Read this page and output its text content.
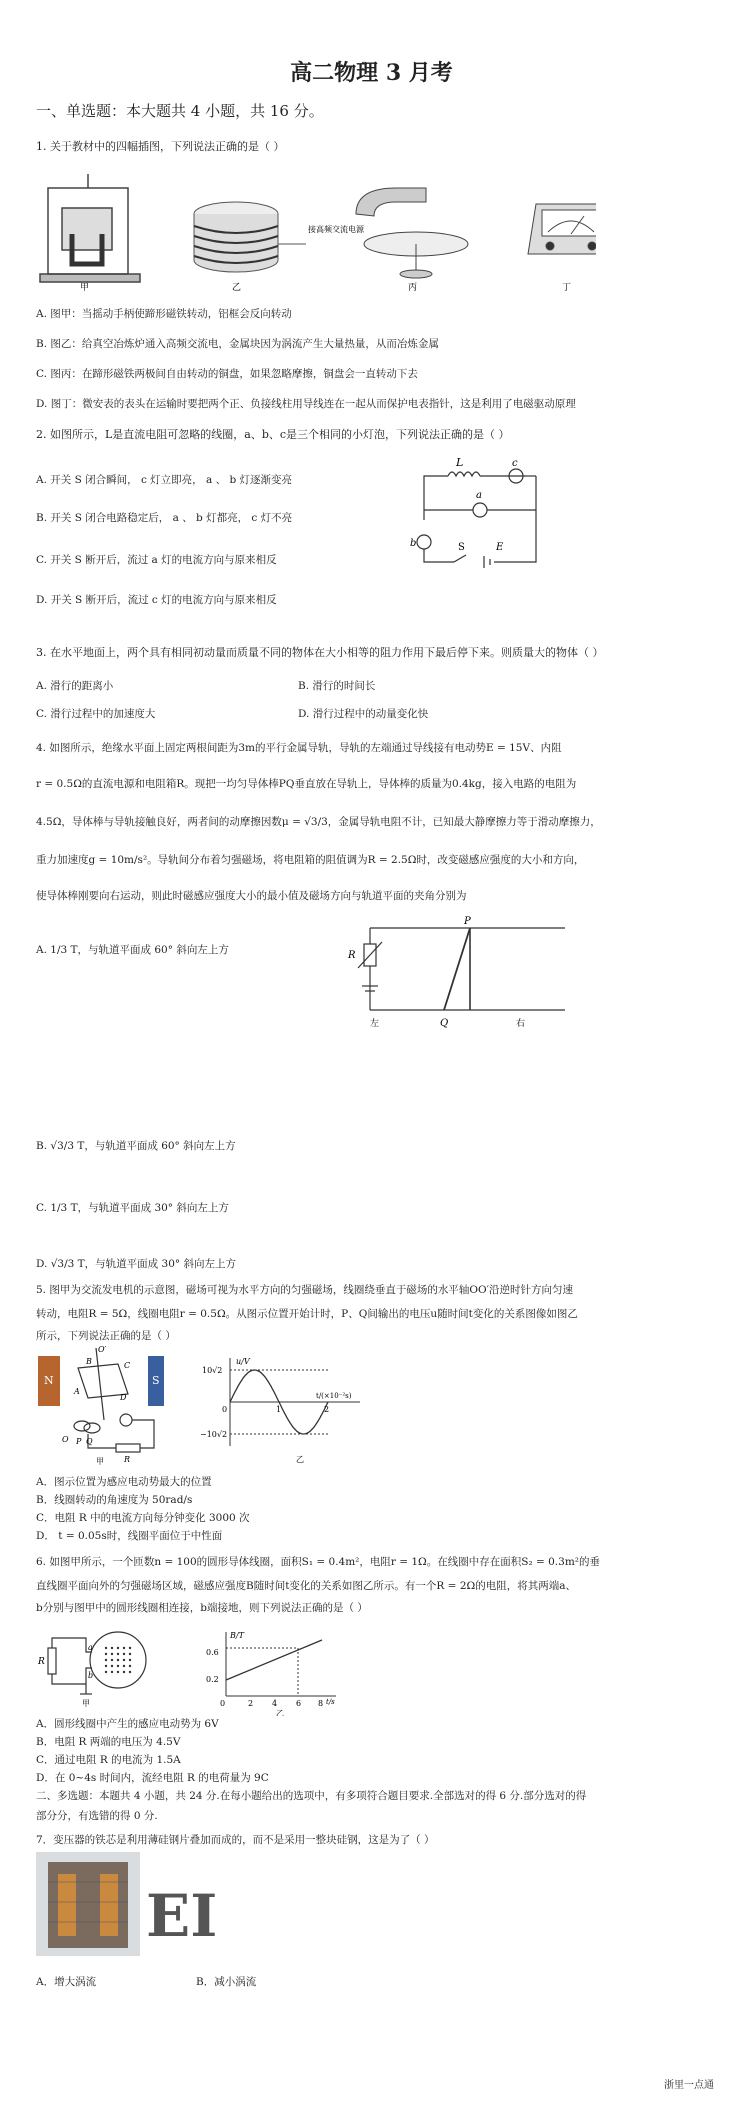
高二物理 3 月考
一、单选题：本大题共 4 小题，共 16 分。
1. 关于教材中的四幅插图，下列说法正确的是（ ）
甲
接高频交流电源
乙	丙	丁
A. 图甲：当摇动手柄使蹄形磁铁转动，铝框会反向转动
B. 图乙：给真空冶炼炉通入高频交流电，金属块因为涡流产生大量热量，从而冶炼金属
C. 图丙：在蹄形磁铁两极间自由转动的铜盘，如果忽略摩擦，铜盘会一直转动下去
D. 图丁：微安表的表头在运输时要把两个正、负接线柱用导线连在一起从而保护电表指针，这是利用了电磁驱动原理
2. 如图所示，L是直流电阻可忽略的线圈，a、b、c是三个相同的小灯泡，下列说法正确的是（ ）
A. 开关 S 闭合瞬间， c 灯立即亮， a 、 b 灯逐渐变亮
B. 开关 S 闭合电路稳定后， a 、 b 灯都亮， c 灯不亮
C. 开关 S 断开后，流过 a 灯的电流方向与原来相反
D. 开关 S 断开后，流过 c 灯的电流方向与原来相反
L	c
a
b	S	E
3. 在水平地面上，两个具有相同初动量而质量不同的物体在大小相等的阻力作用下最后停下来。则质量大的物体（ ）
A. 滑行的距离小	B. 滑行的时间长
C. 滑行过程中的加速度大	D. 滑行过程中的动量变化快
4. 如图所示，绝缘水平面上固定两根间距为3m的平行金属导轨，导轨的左端通过导线接有电动势E = 15V、内阻
r = 0.5Ω的直流电源和电阻箱R。现把一均匀导体棒PQ垂直放在导轨上，导体棒的质量为0.4kg，接入电路的电阻为
4.5Ω，导体棒与导轨接触良好，两者间的动摩擦因数μ = √3/3，金属导轨电阻不计，已知最大静摩擦力等于滑动摩擦力，
重力加速度g = 10m/s²。导轨间分布着匀强磁场，将电阻箱的阻值调为R = 2.5Ω时，改变磁感应强度的大小和方向，
使导体棒刚要向右运动，则此时磁感应强度大小的最小值及磁场方向与轨道平面的夹角分别为
A. 1/3 T，与轨道平面成 60° 斜向左上方
B. √3/3 T，与轨道平面成 60° 斜向左上方
C. 1/3 T，与轨道平面成 30° 斜向左上方
D. √3/3 T，与轨道平面成 30° 斜向左上方
P
R
左	Q	右
5. 图甲为交流发电机的示意图，磁场可视为水平方向的匀强磁场，线圈绕垂直于磁场的水平轴OO′沿逆时针方向匀速
转动，电阻R = 5Ω，线圈电阻r = 0.5Ω。从图示位置开始计时，P、Q间输出的电压u随时间t变化的关系图像如图乙
所示，下列说法正确的是（ ）
N	S
B	C
A
D
O
O′
P Q
R
甲
u/V
10√2
−10√2
0	1	2
t/(×10⁻²s)
乙
A．图示位置为感应电动势最大的位置
B．线圈转动的角速度为 50rad/s
C．电阻 R 中的电流方向每分钟变化 3000 次
D． t = 0.05s时，线圈平面位于中性面
6. 如图甲所示，一个匝数n = 100的圆形导体线圈，面积S₁ = 0.4m²，电阻r = 1Ω。在线圈中存在面积S₂ = 0.3m²的垂
直线圈平面向外的匀强磁场区域，磁感应强度B随时间t变化的关系如图乙所示。有一个R = 2Ω的电阻，将其两端a、
b分别与图甲中的圆形线圈相连接，b端接地，则下列说法正确的是（ ）
R
a
b
甲
B/T
0.6
0.2
0	2 4 6 8 t/s
乙
A．圆形线圈中产生的感应电动势为 6V
B．电阻 R 两端的电压为 4.5V
C．通过电阻 R 的电流为 1.5A
D．在 0~4s 时间内，流经电阻 R 的电荷量为 9C
二、多选题：本题共 4 小题，共 24 分.在每小题给出的选项中，有多项符合题目要求.全部选对的得 6 分.部分选对的得
部分分，有选错的得 0 分.
7．变压器的铁芯是利用薄硅钢片叠加而成的，而不是采用一整块硅钢，这是为了（ ）
EI
A．增大涡流	B．减小涡流
浙里一点通
